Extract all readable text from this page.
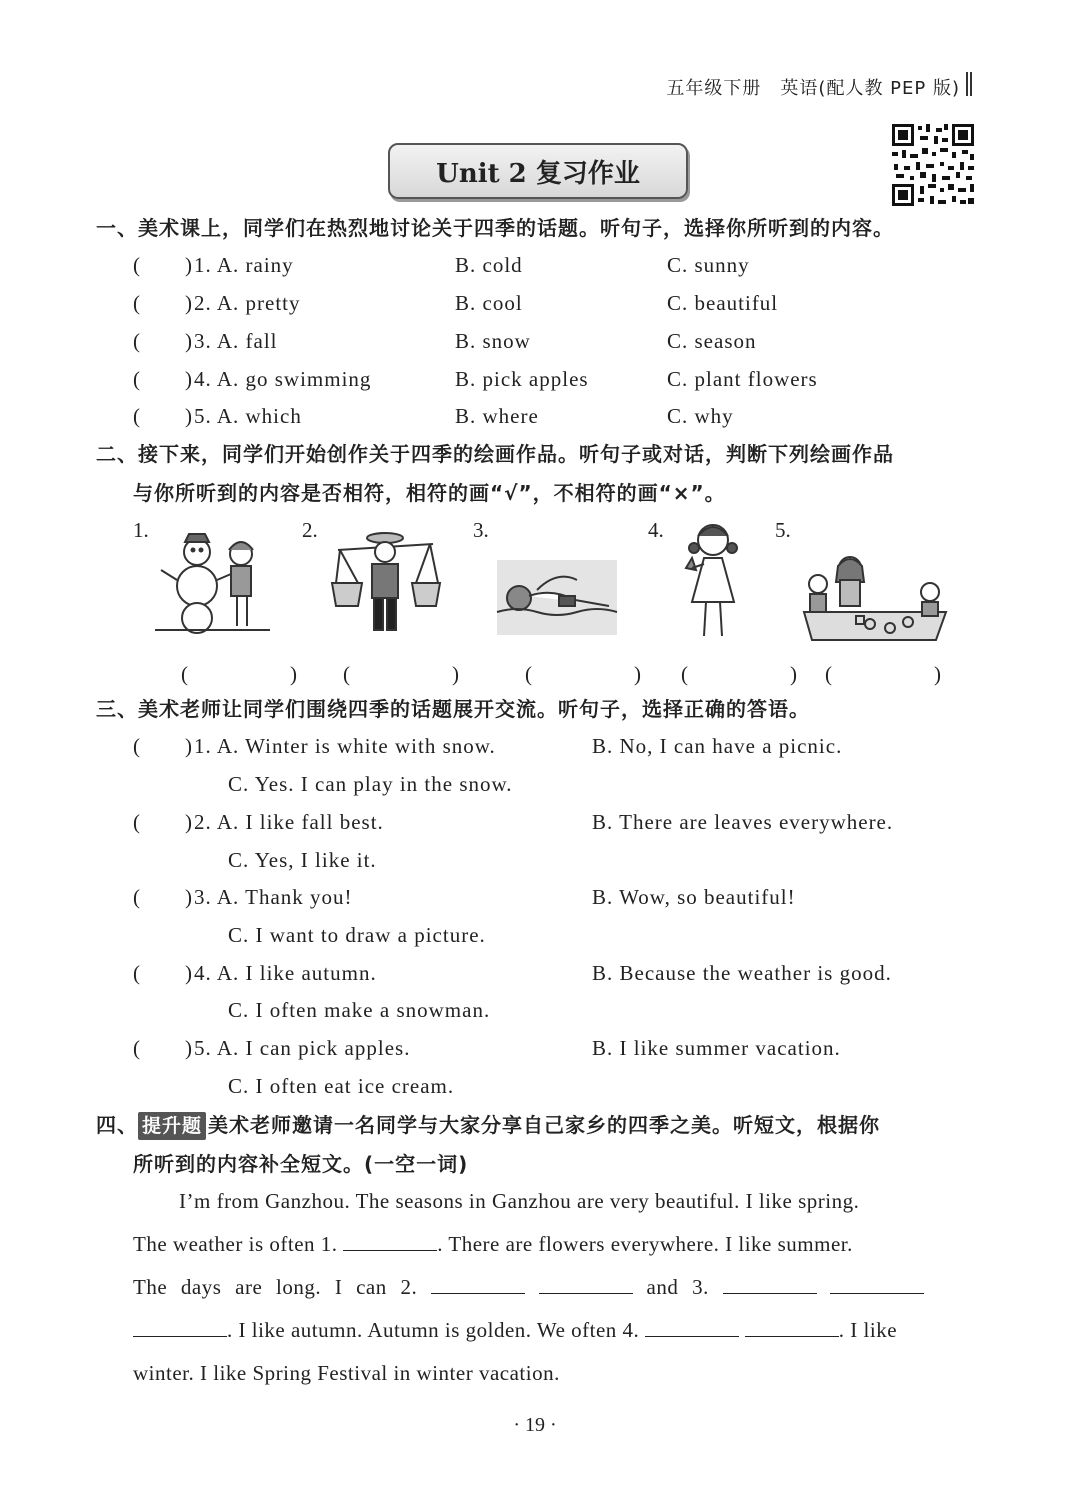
五年级下册　英语(配人教 PEP 版)
Unit 2 复习作业
一、美术课上，同学们在热烈地讨论关于四季的话题。听句子，选择你所听到的内容。
(　　) 1. A. rainy	B. cold	C. sunny
(　　) 2. A. pretty	B. cool	C. beautiful
(　　) 3. A. fall	B. snow	C. season
(　　) 4. A. go swimming	B. pick apples	C. plant flowers
(　　) 5. A. which	B. where	C. why
二、接下来，同学们开始创作关于四季的绘画作品。听句子或对话，判断下列绘画作品
与你所听到的内容是否相符，相符的画“√”，不相符的画“×”。
1.	2.	3.	4.	5.
(　　) (　　) (　　) (　　) (　　)
三、美术老师让同学们围绕四季的话题展开交流。听句子，选择正确的答语。
(　　) 1. A. Winter is white with snow.	B. No, I can have a picnic.
C. Yes. I can play in the snow.
(　　) 2. A. I like fall best.	B. There are leaves everywhere.
C. Yes, I like it.
(　　) 3. A. Thank you!	B. Wow, so beautiful!
C. I want to draw a picture.
(　　) 4. A. I like autumn.	B. Because the weather is good.
C. I often make a snowman.
(　　) 5. A. I can pick apples.	B. I like summer vacation.
C. I often eat ice cream.
四、 提升题 美术老师邀请一名同学与大家分享自己家乡的四季之美。听短文，根据你
所听到的内容补全短文。(一空一词)
I’m from Ganzhou. The seasons in Ganzhou are very beautiful. I like spring.
The weather is often 1.	. There are flowers everywhere. I like summer.
The days are long. I can 2.	and 3.
. I like autumn. Autumn is golden. We often 4.	. I like
winter. I like Spring Festival in winter vacation.
· 19 ·
